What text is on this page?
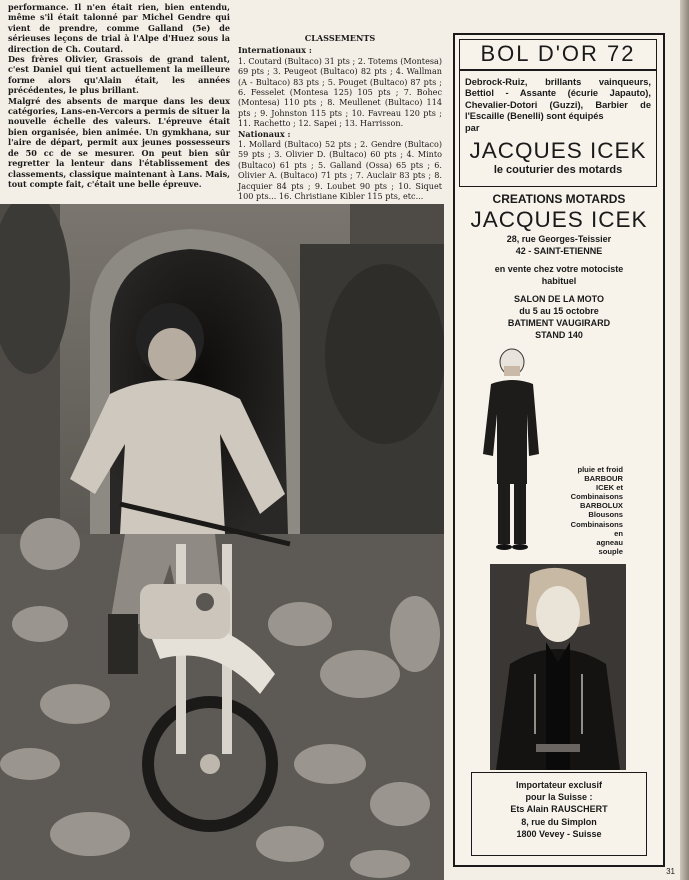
performance. Il n'en était rien, bien entendu, même s'il était talonné par Michel Gendre qui vient de prendre, comme Galland (5e) de sérieuses leçons de trial à l'Alpe d'Huez sous la direction de Ch. Coutard.

Des frères Olivier, Grassois de grand talent, c'est Daniel qui tient actuellement la meilleure forme alors qu'Alain était, les années précédentes, le plus brillant.

Malgré des absents de marque dans les deux catégories, Lans-en-Vercors a permis de situer la nouvelle échelle des valeurs. L'épreuve était bien organisée, bien animée. Un gymkhana, sur l'aire de départ, permit aux jeunes possesseurs de 50 cc de se mesurer. On peut bien sûr regretter la lenteur dans l'établissement des classements, classique maintenant à Lans. Mais, tout compte fait, c'était une belle épreuve.

CLASSEMENTS
Internationaux :
1. Coutard (Bultaco) 31 pts ; 2. Totems (Montesa) 69 pts ; 3. Peugeot (Bultaco) 82 pts ; 4. Wallman (A - Bultaco) 83 pts ; 5. Pouget (Bultaco) 87 pts ; 6. Fesselet (Montesa 125) 105 pts ; 7. Bohec (Montesa) 110 pts ; 8. Meullenet (Bultaco) 114 pts ; 9. Johnston 115 pts ; 10. Favreau 120 pts ; 11. Rachetto ; 12. Sapei ; 13. Harrisson.
Nationaux :
1. Mollard (Bultaco) 52 pts ; 2. Gendre (Bultaco) 59 pts ; 3. Olivier D. (Bultaco) 60 pts ; 4. Minto (Bultaco) 61 pts ; 5. Galland (Ossa) 65 pts ; 6. Olivier A. (Bultaco) 71 pts ; 7. Auclair 83 pts ; 8. Jacquier 84 pts ; 9. Loubet 90 pts ; 10. Siquet 100 pts... 16. Christiane Kibler 115 pts, etc...
BOL D'OR 72
Debrock-Ruiz, brillants vainqueurs, Bettiol - Assante (écurie Japauto), Chevalier-Dotori (Guzzi), Barbier de l'Escaille (Benelli) sont équipés
par
JACQUES ICEK
le couturier des motards
CREATIONS MOTARDS
JACQUES ICEK
28, rue Georges-Teissier
42 - SAINT-ETIENNE
en vente chez votre motociste
habituel
SALON DE LA MOTO
du 5 au 15 octobre
BATIMENT VAUGIRARD
STAND 140
pluie et froid
BARBOUR
ICEK et
Combinaisons
BARBOLUX
Blousons
Combinaisons
en
agneau
souple
Importateur exclusif
pour la Suisse :
Ets Alain RAUSCHERT
8, rue du Simplon
1800 Vevey - Suisse
31
